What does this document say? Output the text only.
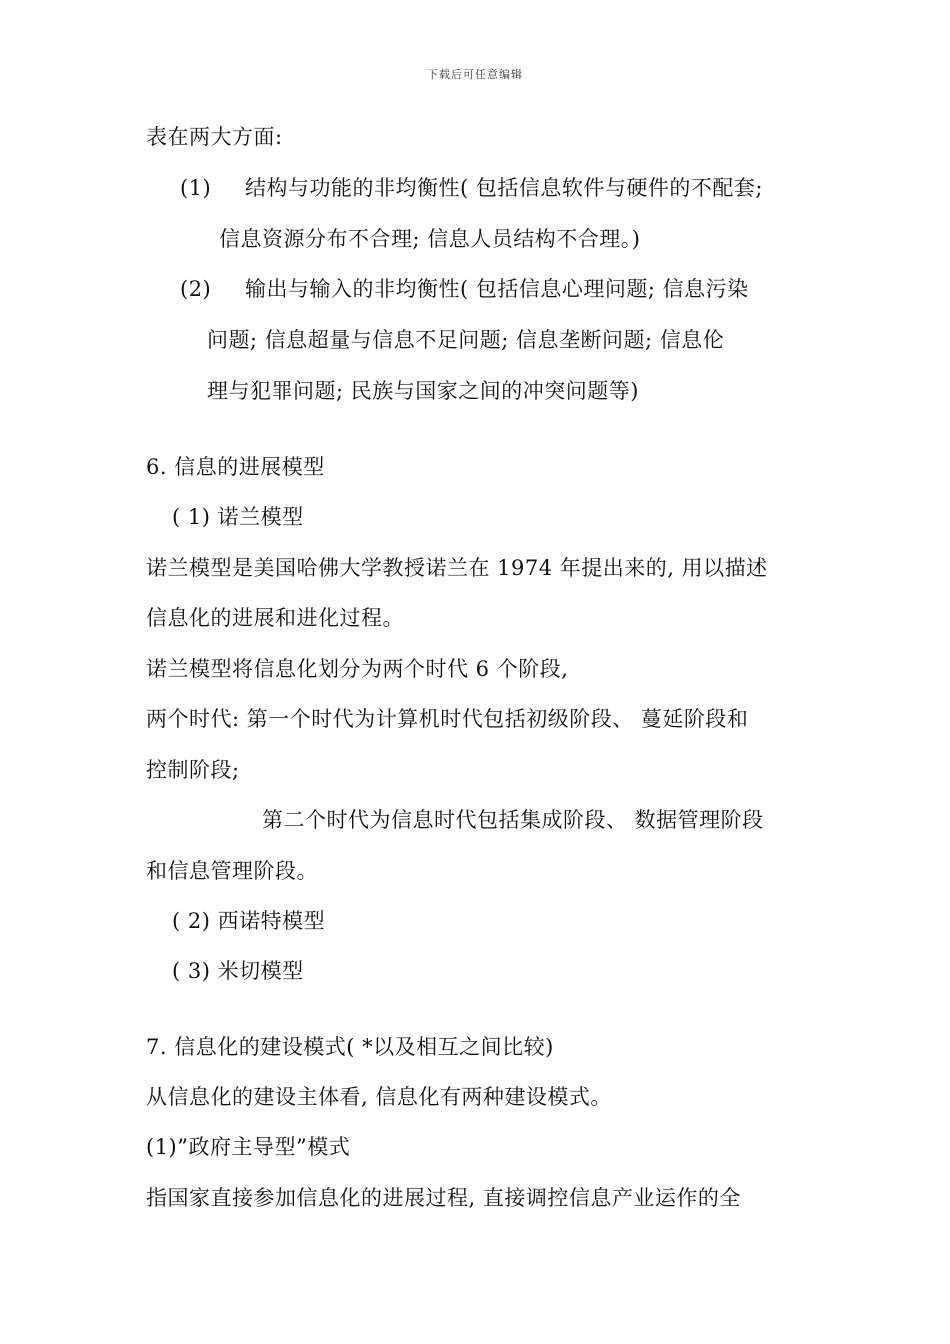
下载后可任意编辑
表在两大方面:
(1) 结构与功能的非均衡性( 包括信息软件与硬件的不配套;
信息资源分布不合理; 信息人员结构不合理。)
(2) 输出与输入的非均衡性( 包括信息心理问题; 信息污染
问题; 信息超量与信息不足问题; 信息垄断问题; 信息伦
理与犯罪问题; 民族与国家之间的冲突问题等)
6. 信息的进展模型
( 1) 诺兰模型
诺兰模型是美国哈佛大学教授诺兰在 1974 年提出来的, 用以描述
信息化的进展和进化过程。
诺兰模型将信息化划分为两个时代 6 个阶段,
两个时代: 第一个时代为计算机时代包括初级阶段、 蔓延阶段和
控制阶段;
第二个时代为信息时代包括集成阶段、 数据管理阶段
和信息管理阶段。
( 2) 西诺特模型
( 3) 米切模型
7. 信息化的建设模式( *以及相互之间比较)
从信息化的建设主体看, 信息化有两种建设模式。
(1)”政府主导型”模式
指国家直接参加信息化的进展过程, 直接调控信息产业运作的全
